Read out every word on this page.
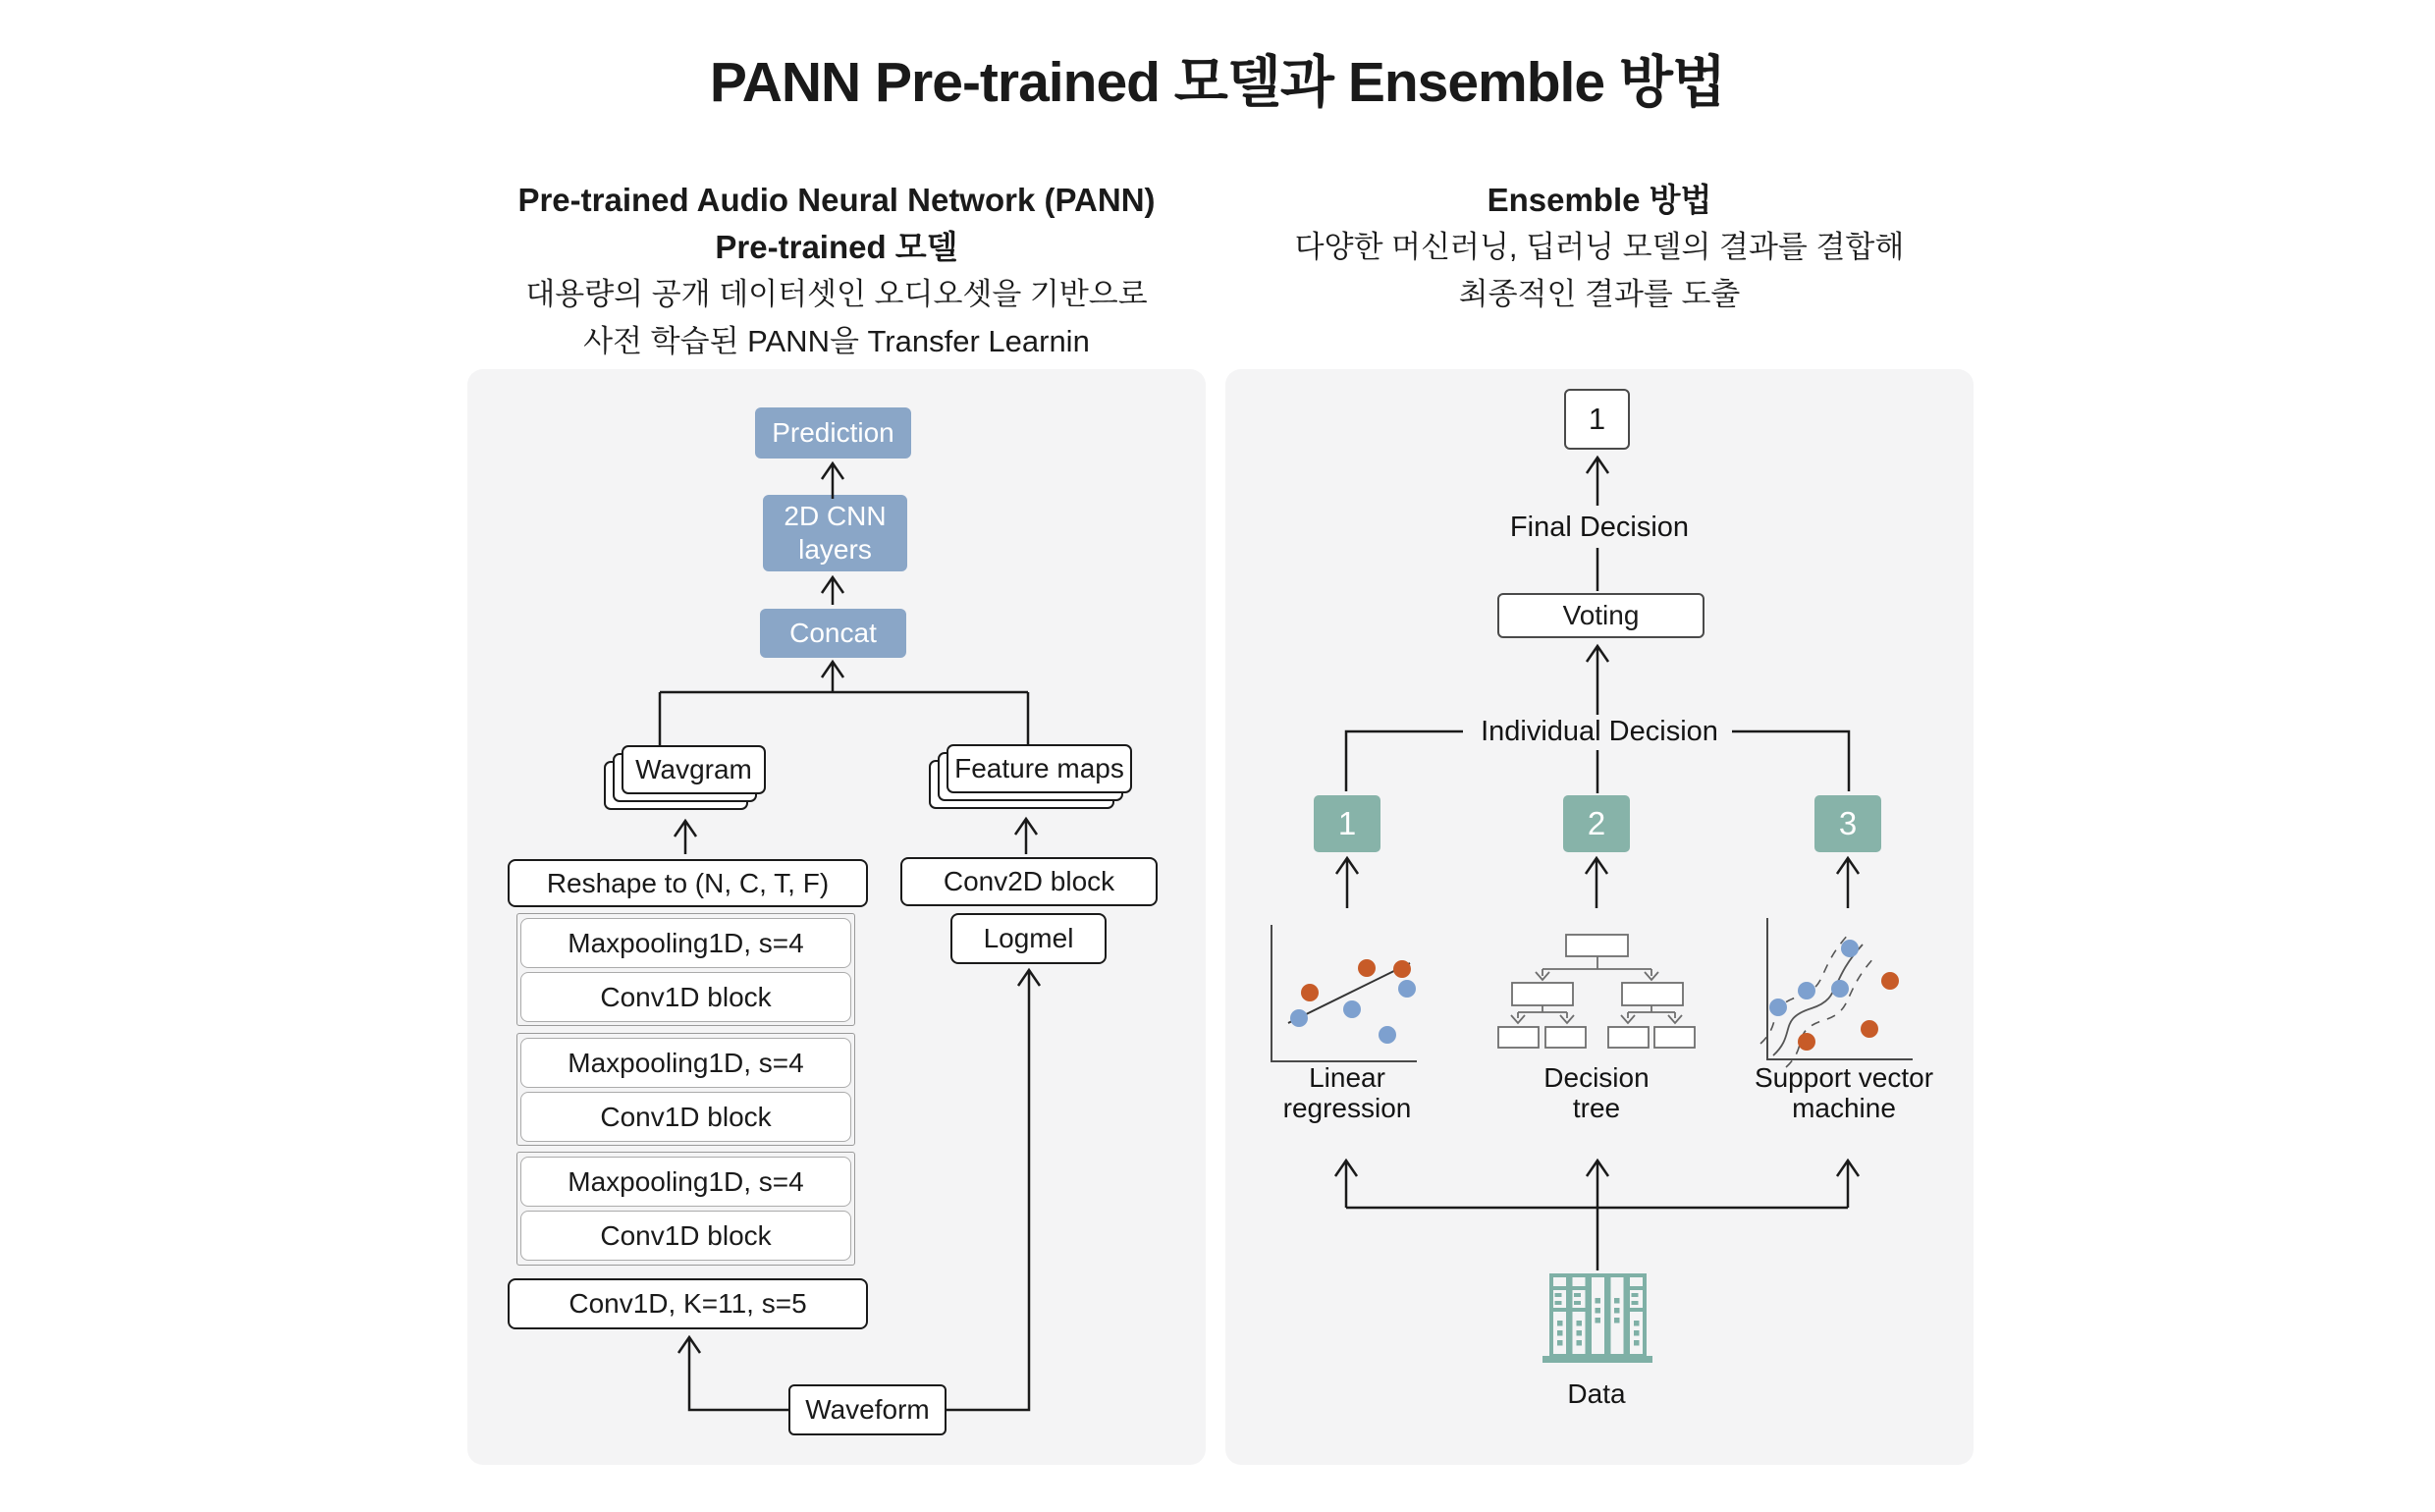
PANN Pre-trained 모델과 Ensemble 방법
Pre-trained Audio Neural Network (PANN)
Pre-trained 모델
대용량의 공개 데이터셋인 오디오셋을 기반으로
사전 학습된 PANN을 Transfer Learnin
Ensemble 방법
다양한 머신러닝, 딥러닝 모델의 결과를 결합해
최종적인 결과를 도출
Prediction
2D CNN
layers
Concat
Wavgram	Feature maps
Reshape to (N, C, T, F)	Conv2D block
Logmel
Maxpooling1D, s=4
Conv1D block
Maxpooling1D, s=4
Conv1D block
Maxpooling1D, s=4
Conv1D block
Conv1D, K=11, s=5
Waveform
1
Final Decision
Voting
Individual Decision
1	2	3
Linear
regression
Decision
tree
Support vector
machine
Data
